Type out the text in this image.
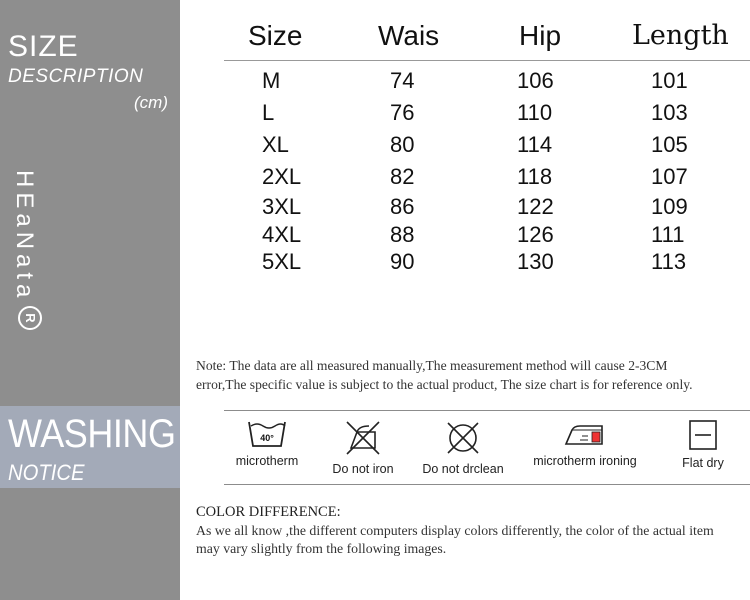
SIZE
DESCRIPTION
(cm)
HEaNata
R
WASHING
NOTICE
Size	Wais	Hip	Length
M	74	106	101
L	76	110	103
XL	80	114	105
2XL	82	118	107
3XL	86	122	109
4XL	88	126	111
5XL	90	130	113
Note: The data are all measured manually,The measurement method will cause 2-3CM
error,The specific value is subject to the actual product, The size chart is for reference only.
40°
microtherm
Do not iron	Do not drclean
microtherm ironing	Flat dry
COLOR DIFFERENCE:
As we all know ,the different computers display colors differently, the color of the actual item
may vary slightly from the following images.
